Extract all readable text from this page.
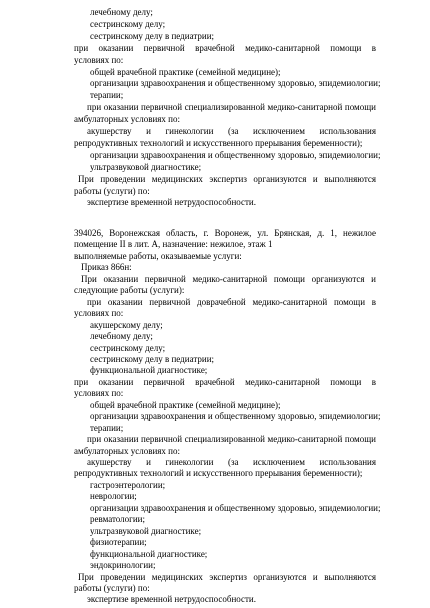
лечебному делу;
сестринскому делу;
сестринскому делу в педиатрии;
при оказании первичной врачебной медико-санитарной помощи в
условиях по:
общей врачебной практике (семейной медицине);
организации здравоохранения и общественному здоровью, эпидемиологии;
терапии;
при оказании первичной специализированной медико-санитарной помощи
амбулаторных условиях по:
акушерству и гинекологии (за исключением использования
репродуктивных технологий и искусственного прерывания беременности);
организации здравоохранения и общественному здоровью, эпидемиологии;
ультразвуковой диагностике;
При проведении медицинских экспертиз организуются и выполняются
работы (услуги) по:
экспертизе временной нетрудоспособности.
394026, Воронежская область, г. Воронеж, ул. Брянская, д. 1, нежилое
помещение II в лит. А, назначение: нежилое, этаж 1
выполняемые работы, оказываемые услуги:
Приказ 866н:
При оказании первичной медико-санитарной помощи организуются и
следующие работы (услуги):
при оказании первичной доврачебной медико-санитарной помощи в
условиях по:
акушерскому делу;
лечебному делу;
сестринскому делу;
сестринскому делу в педиатрии;
функциональной диагностике;
при оказании первичной врачебной медико-санитарной помощи в
условиях по:
общей врачебной практике (семейной медицине);
организации здравоохранения и общественному здоровью, эпидемиологии;
терапии;
при оказании первичной специализированной медико-санитарной помощи
амбулаторных условиях по:
акушерству и гинекологии (за исключением использования
репродуктивных технологий и искусственного прерывания беременности);
гастроэнтерологии;
неврологии;
организации здравоохранения и общественному здоровью, эпидемиологии;
ревматологии;
ультразвуковой диагностике;
физиотерапии;
функциональной диагностике;
эндокринологии;
При проведении медицинских экспертиз организуются и выполняются
работы (услуги) по:
экспертизе временной нетрудоспособности.
